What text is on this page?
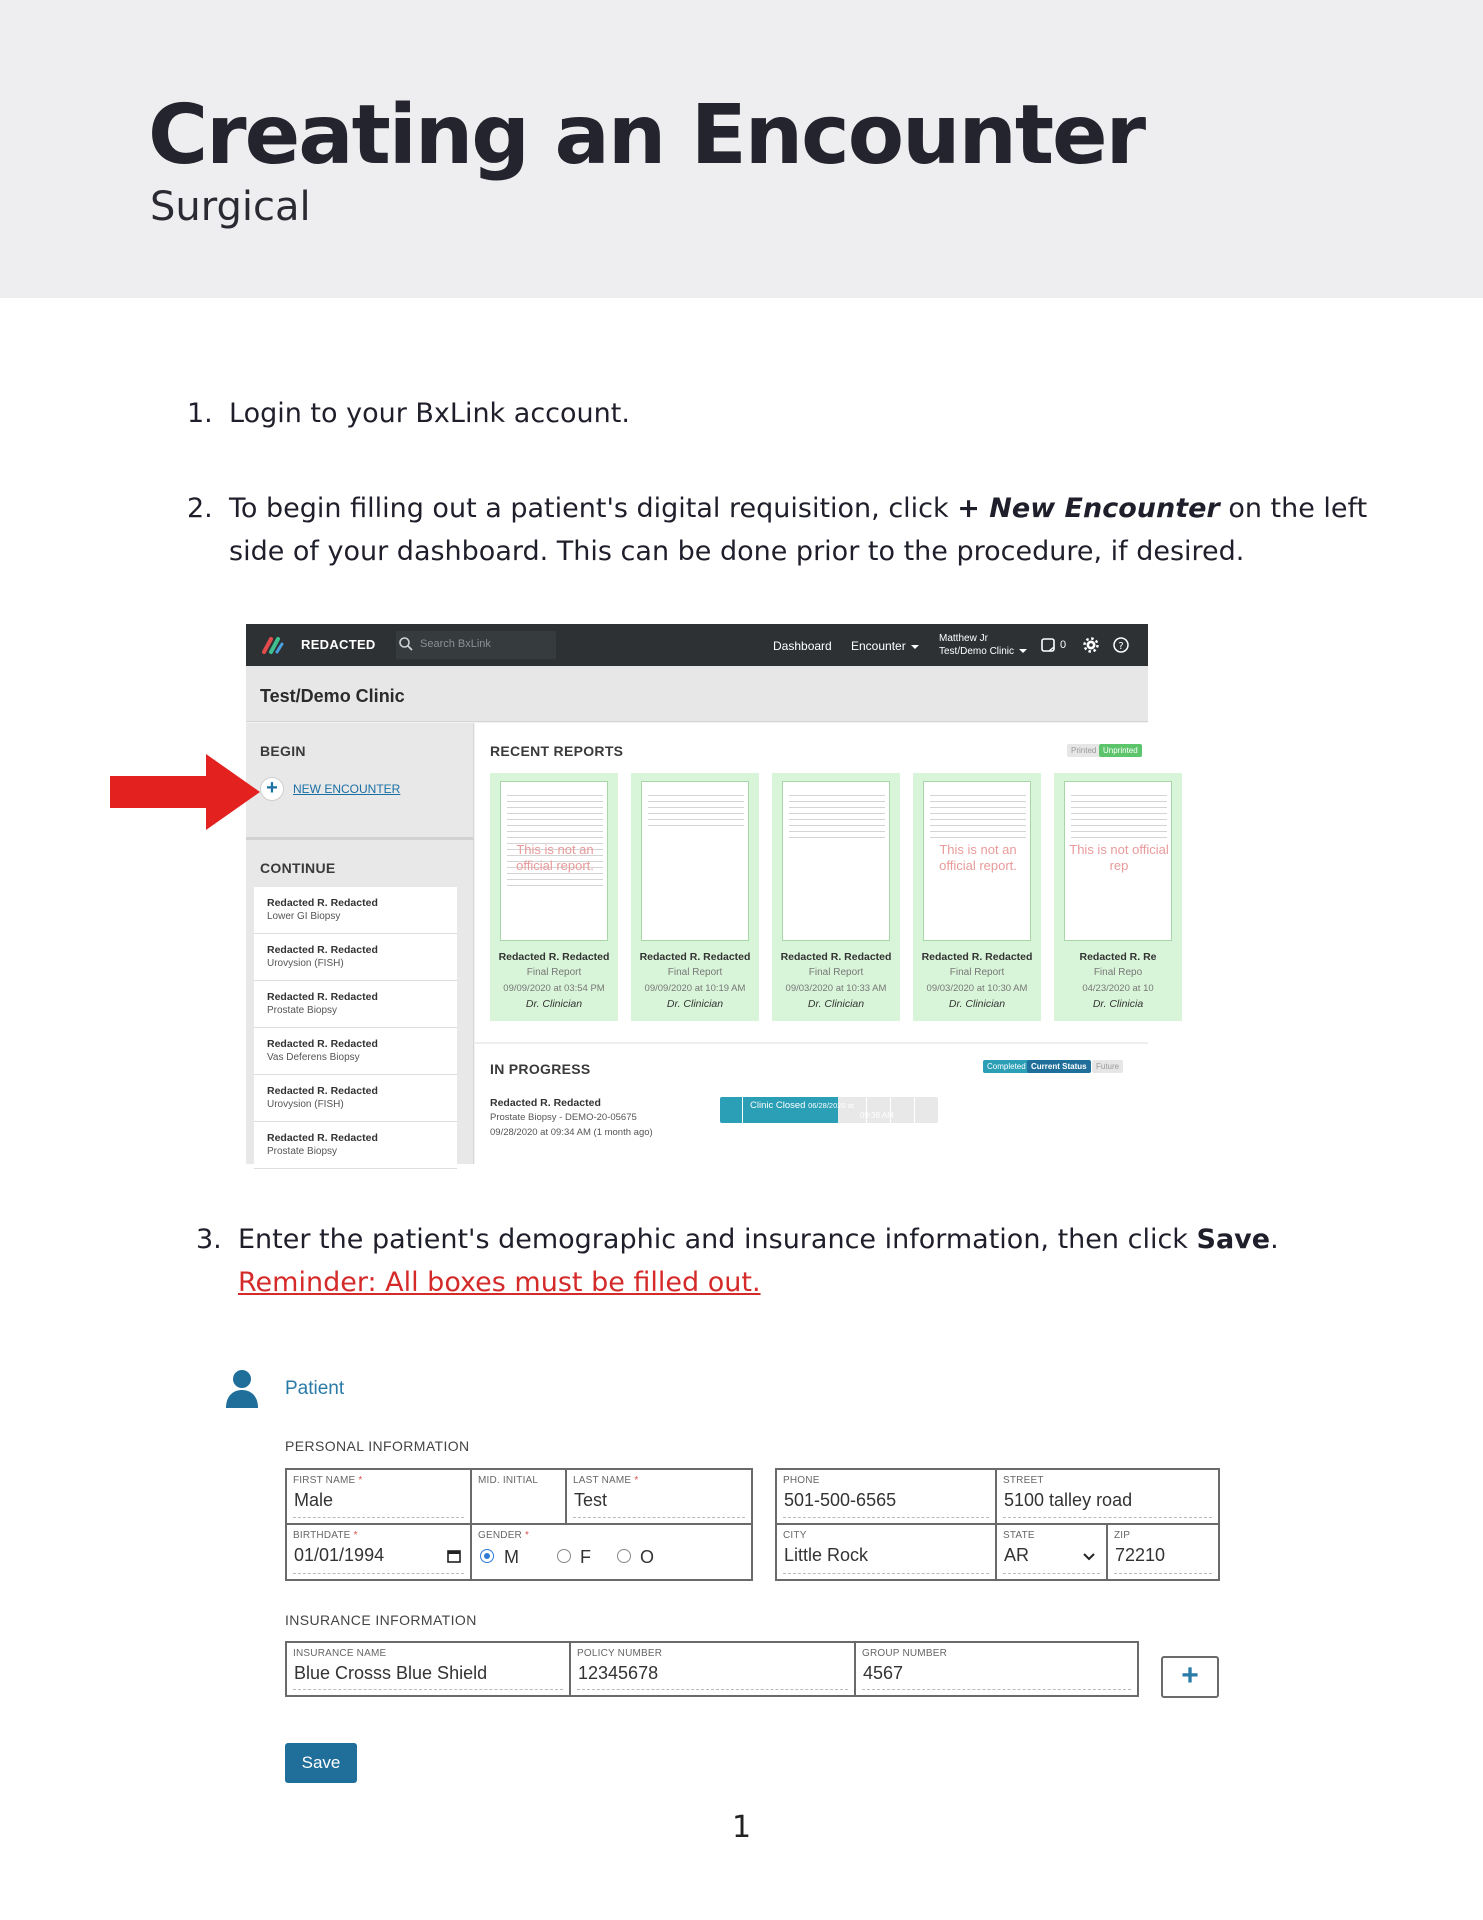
Creating an Encounter
Surgical
1. Login to your BxLink account.
2. To begin filling out a patient's digital requisition, click + New Encounter on the left
side of your dashboard. This can be done prior to the procedure, if desired.
REDACTED	Search BxLink	Dashboard Encounter
Matthew Jr
Test/Demo Clinic
0	?
Test/Demo Clinic
BEGIN
+	NEW ENCOUNTER
CONTINUE
Redacted R. Redacted
Lower GI Biopsy
Redacted R. Redacted
Urovysion (FISH)
Redacted R. Redacted
Prostate Biopsy
Redacted R. Redacted
Vas Deferens Biopsy
Redacted R. Redacted
Urovysion (FISH)
Redacted R. Redacted
Prostate Biopsy
RECENT REPORTS	Printed Unprinted
This is not an official report.
Redacted R. Redacted
Final Report
09/09/2020 at 03:54 PM
Dr. Clinician
Redacted R. Redacted
Final Report
09/09/2020 at 10:19 AM
Dr. Clinician
Redacted R. Redacted
Final Report
09/03/2020 at 10:33 AM
Dr. Clinician
This is not an official report.
Redacted R. Redacted
Final Report
09/03/2020 at 10:30 AM
Dr. Clinician
This is not official rep
Redacted R. Re
Final Repo
04/23/2020 at 10
Dr. Clinicia
IN PROGRESS	Completed Current Status	Future
Redacted R. Redacted
Prostate Biopsy - DEMO-20-05675
09/28/2020 at 09:34 AM (1 month ago)
Clinic Closed 06/28/2020 at
09:38 AM
3. Enter the patient's demographic and insurance information, then click Save.
Reminder: All boxes must be filled out.
Patient
PERSONAL INFORMATION
FIRST NAME *
Male
MID. INITIAL	LAST NAME *
Test
BIRTHDATE *
01/01/1994
GENDER *
M	F	O
PHONE
501-500-6565
STREET
5100 talley road
CITY
Little Rock
STATE
AR
ZIP
72210
INSURANCE INFORMATION
INSURANCE NAME
Blue Crosss Blue Shield
POLICY NUMBER
12345678
GROUP NUMBER
4567	+
Save
1
